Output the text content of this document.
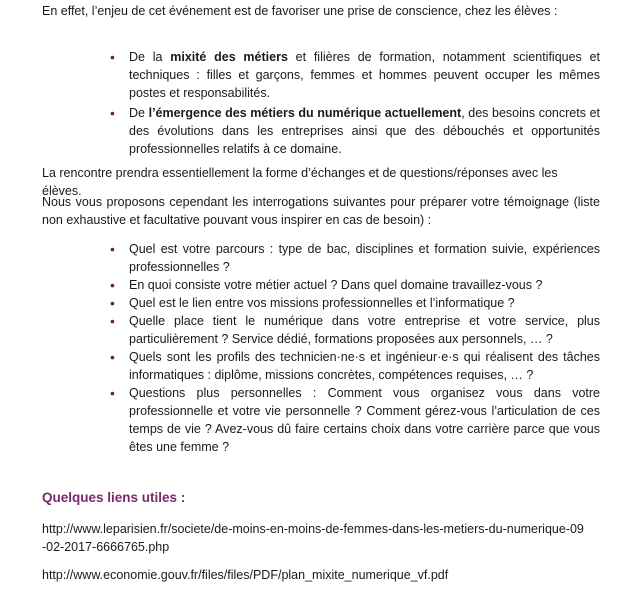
En effet, l’enjeu de cet événement est de favoriser une prise de conscience, chez les élèves :
• De la mixité des métiers et filières de formation, notamment scientifiques et techniques : filles et garçons, femmes et hommes peuvent occuper les mêmes postes et responsabilités.
• De l’émergence des métiers du numérique actuellement, des besoins concrets et des évolutions dans les entreprises ainsi que des débouchés et opportunités professionnelles relatifs à ce domaine.
La rencontre prendra essentiellement la forme d’échanges et de questions/réponses avec les élèves.
Nous vous proposons cependant les interrogations suivantes pour préparer votre témoignage (liste non exhaustive et facultative pouvant vous inspirer en cas de besoin) :
• Quel est votre parcours : type de bac, disciplines et formation suivie, expériences professionnelles ?
• En quoi consiste votre métier actuel ? Dans quel domaine travaillez-vous ?
• Quel est le lien entre vos missions professionnelles et l’informatique ?
• Quelle place tient le numérique dans votre entreprise et votre service, plus particulièrement ? Service dédié, formations proposées aux personnels, … ?
• Quels sont les profils des technicien·ne·s et ingénieur·e·s qui réalisent des tâches informatiques : diplôme, missions concrètes, compétences requises, … ?
• Questions plus personnelles : Comment vous organisez vous dans votre professionnelle et votre vie personnelle ? Comment gérez-vous l’articulation de ces temps de vie ? Avez-vous dû faire certains choix dans votre carrière parce que vous êtes une femme ?
Quelques liens utiles :
http://www.leparisien.fr/societe/de-moins-en-moins-de-femmes-dans-les-metiers-du-numerique-09-02-2017-6666765.php
http://www.economie.gouv.fr/files/files/PDF/plan_mixite_numerique_vf.pdf
